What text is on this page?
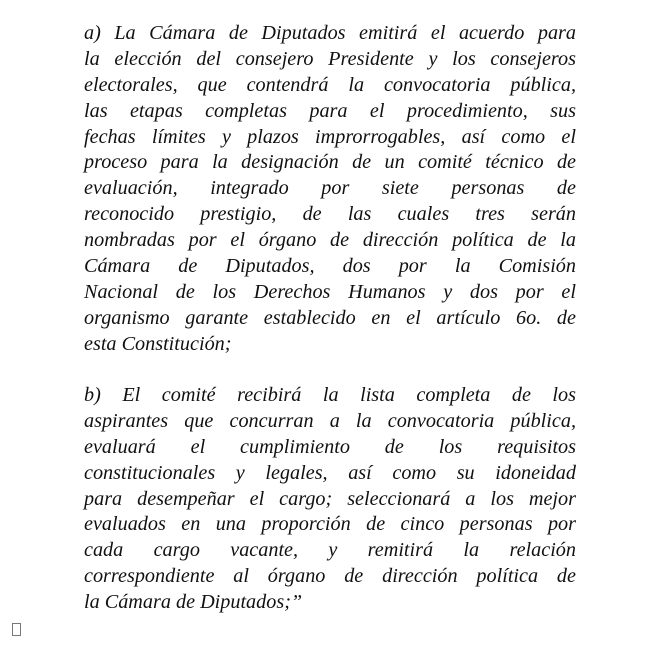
a) La Cámara de Diputados emitirá el acuerdo para
la elección del consejero Presidente y los consejeros
electorales, que contendrá la convocatoria pública,
las etapas completas para el procedimiento, sus
fechas límites y plazos improrrogables, así como el
proceso para la designación de un comité técnico de
evaluación, integrado por siete personas de
reconocido prestigio, de las cuales tres serán
nombradas por el órgano de dirección política de la
Cámara de Diputados, dos por la Comisión
Nacional de los Derechos Humanos y dos por el
organismo garante establecido en el artículo 6o. de
esta Constitución;
b) El comité recibirá la lista completa de los
aspirantes que concurran a la convocatoria pública,
evaluará el cumplimiento de los requisitos
constitucionales y legales, así como su idoneidad
para desempeñar el cargo; seleccionará a los mejor
evaluados en una proporción de cinco personas por
cada cargo vacante, y remitirá la relación
correspondiente al órgano de dirección política de
la Cámara de Diputados;”
